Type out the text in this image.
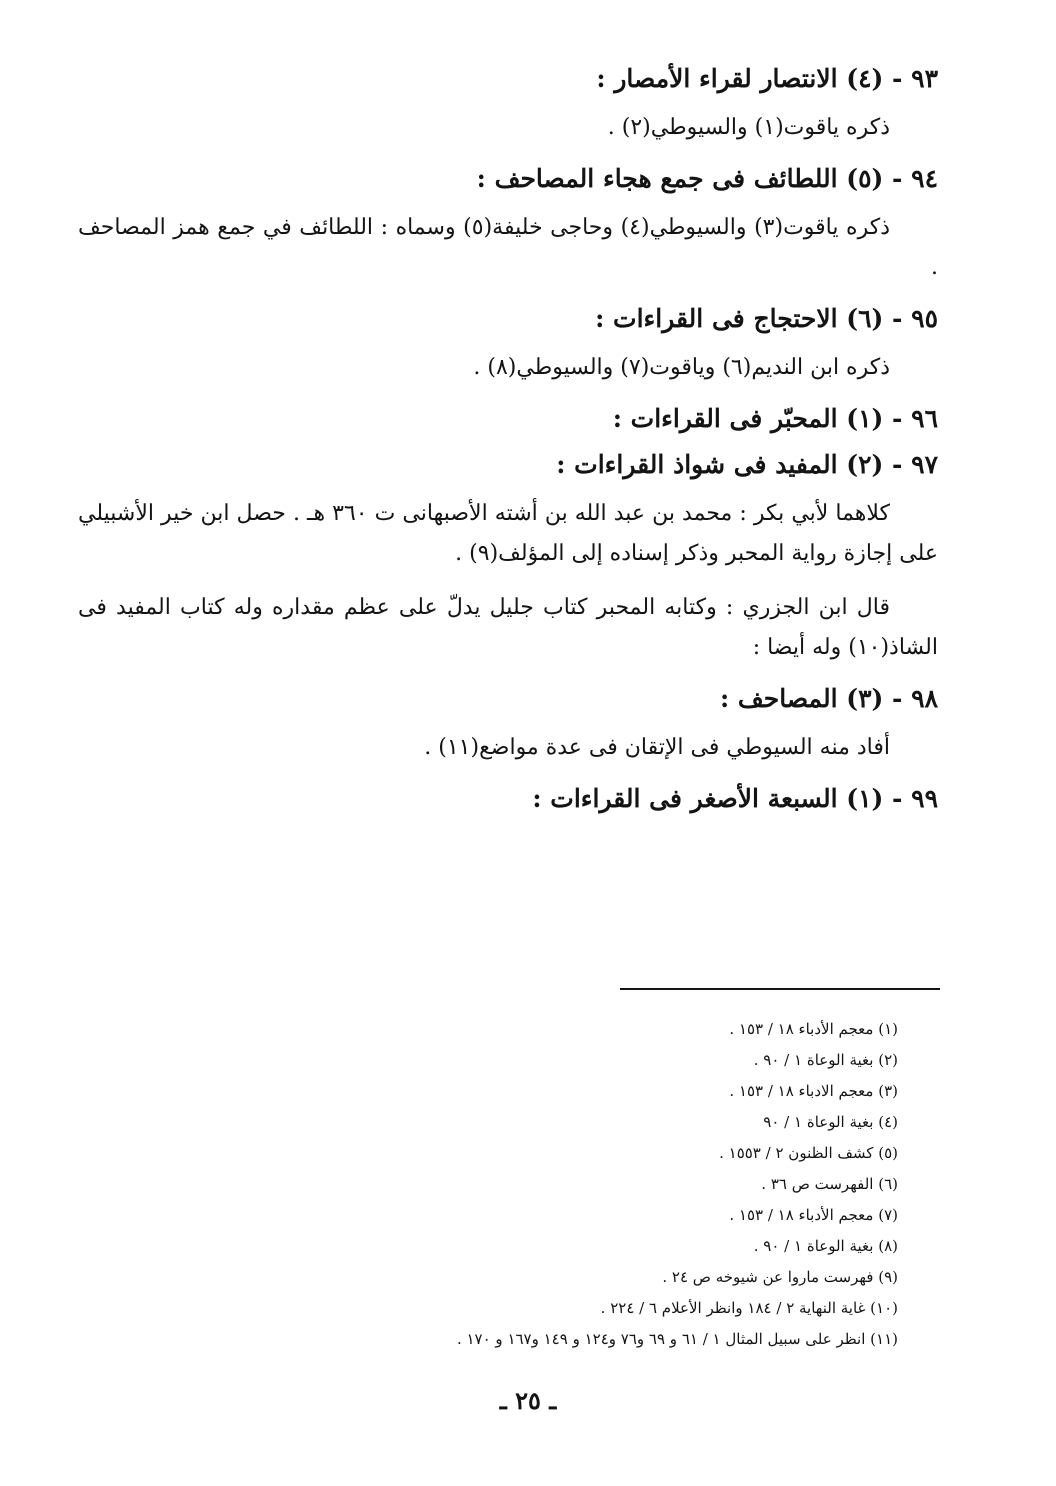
٩٣ - (٤) الانتصار لقراء الأمصار :
ذكره ياقوت(١) والسيوطي(٢) .
٩٤ - (٥) اللطائف فى جمع هجاء المصاحف :
ذكره ياقوت(٣) والسيوطي(٤) وحاجى خليفة(٥) وسماه : اللطائف في جمع همز المصاحف .
٩٥ - (٦) الاحتجاج فى القراءات :
ذكره ابن النديم(٦) وياقوت(٧) والسيوطي(٨) .
٩٦ - (١) المحبّر فى القراءات :
٩٧ - (٢) المفيد فى شواذ القراءات :
كلاهما لأبي بكر : محمد بن عبد الله بن أشته الأصبهانى ت ٣٦٠ هـ . حصل ابن خير الأشبيلي على إجازة رواية المحبر وذكر إسناده إلى المؤلف(٩) .
قال ابن الجزري : وكتابه المحبر كتاب جليل يدلّ على عظم مقداره وله كتاب المفيد فى الشاذ(١٠) وله أيضا :
٩٨ - (٣) المصاحف :
أفاد منه السيوطي فى الإتقان فى عدة مواضع(١١) .
٩٩ - (١) السبعة الأصغر فى القراءات :
(١) معجم الأدباء ١٨ / ١٥٣ .
(٢) بغية الوعاة ١ / ٩٠ .
(٣) معجم الادباء ١٨ / ١٥٣ .
(٤) بغية الوعاة ١ / ٩٠
(٥) كشف الظنون ٢ / ١٥٥٣ .
(٦) الفهرست ص ٣٦ .
(٧) معجم الأدباء ١٨ / ١٥٣ .
(٨) بغية الوعاة ١ / ٩٠ .
(٩) فهرست ماروا عن شيوخه ص ٢٤ .
(١٠) غاية النهاية ٢ / ١٨٤ وانظر الأعلام ٦ / ٢٢٤ .
(١١) انظر على سبيل المثال ١ / ٦١ و ٦٩ و٧٦ و١٢٤ و ١٤٩ و١٦٧ و ١٧٠ .
ـ ٢٥ ـ
